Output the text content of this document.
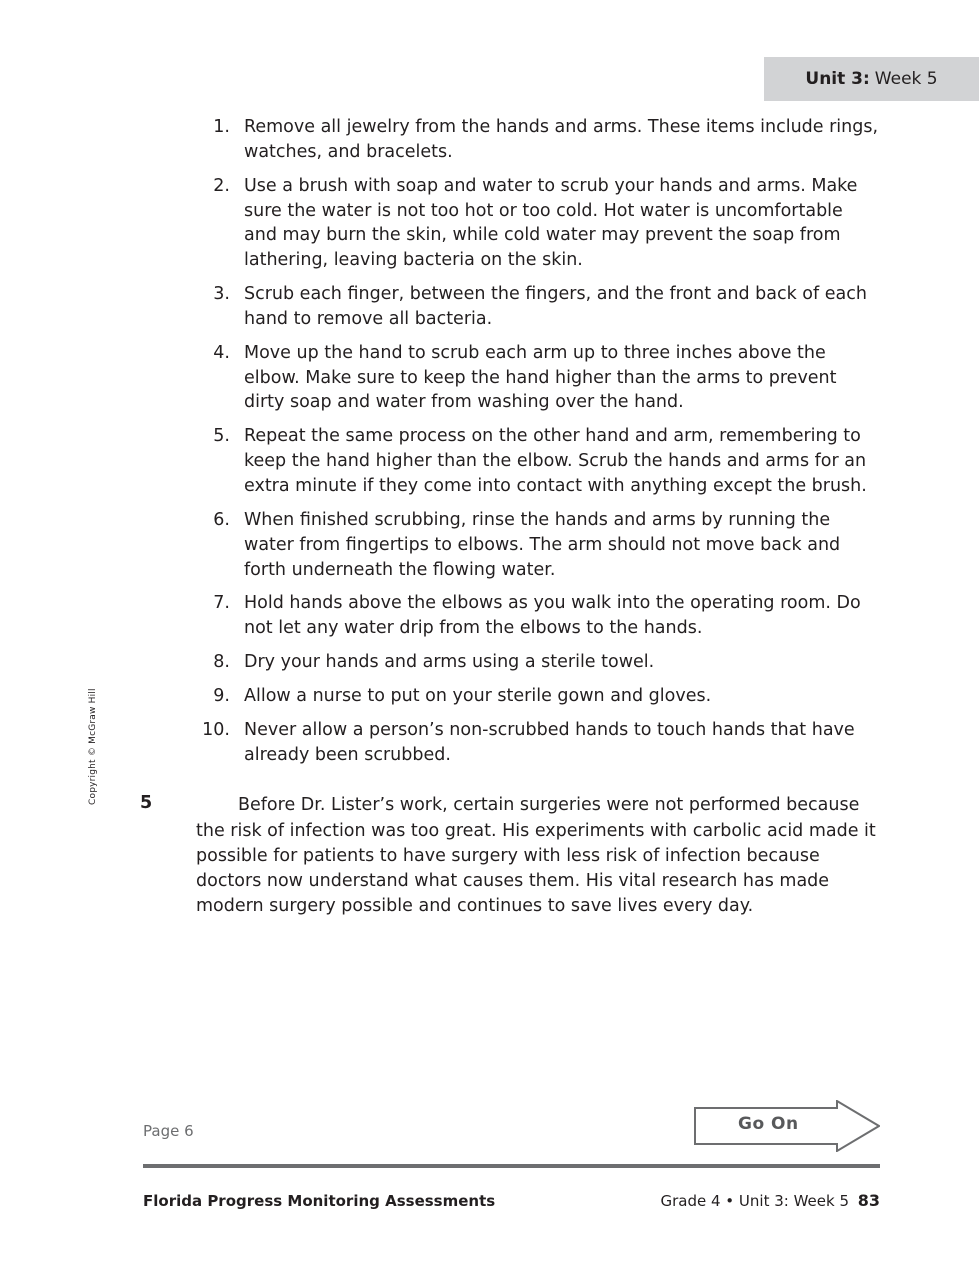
Unit 3: Week 5
Copyright © McGraw Hill
1. Remove all jewelry from the hands and arms. These items include rings, watches, and bracelets.
2. Use a brush with soap and water to scrub your hands and arms. Make sure the water is not too hot or too cold. Hot water is uncomfortable and may burn the skin, while cold water may prevent the soap from lathering, leaving bacteria on the skin.
3. Scrub each finger, between the fingers, and the front and back of each hand to remove all bacteria.
4. Move up the hand to scrub each arm up to three inches above the elbow. Make sure to keep the hand higher than the arms to prevent dirty soap and water from washing over the hand.
5. Repeat the same process on the other hand and arm, remembering to keep the hand higher than the elbow. Scrub the hands and arms for an extra minute if they come into contact with anything except the brush.
6. When finished scrubbing, rinse the hands and arms by running the water from fingertips to elbows. The arm should not move back and forth underneath the flowing water.
7. Hold hands above the elbows as you walk into the operating room. Do not let any water drip from the elbows to the hands.
8. Dry your hands and arms using a sterile towel.
9. Allow a nurse to put on your sterile gown and gloves.
10. Never allow a person’s non-scrubbed hands to touch hands that have already been scrubbed.
5	Before Dr. Lister’s work, certain surgeries were not performed because the risk of infection was too great. His experiments with carbolic acid made it possible for patients to have surgery with less risk of infection because doctors now understand what causes them. His vital research has made modern surgery possible and continues to save lives every day.
Page 6	Go On
Florida Progress Monitoring Assessments	Grade 4 • Unit 3: Week 5 83
